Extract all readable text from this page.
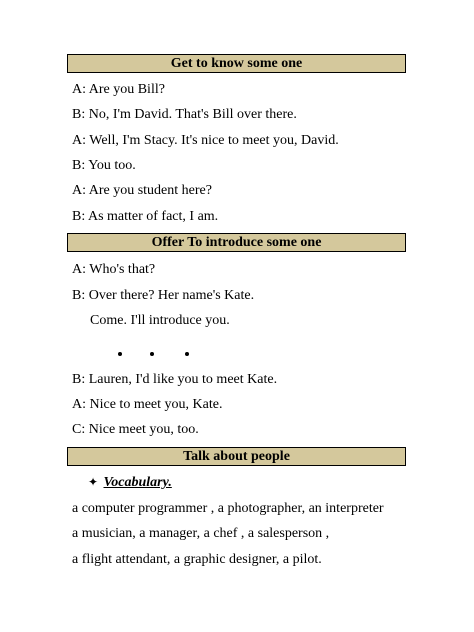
Get to know some one
A: Are you Bill?
B: No, I'm David. That's Bill over there.
A: Well, I'm Stacy. It's nice to meet you, David.
B: You too.
A: Are you student here?
B: As matter of fact, I am.
Offer To introduce some one
A: Who's that?
B: Over there? Her name's Kate.
Come. I'll introduce you.
B: Lauren, I'd like you to meet Kate.
A: Nice to meet you, Kate.
C: Nice meet you, too.
Talk about people
✦ Vocabulary.
a computer programmer , a photographer, an interpreter
a musician, a manager, a chef , a salesperson ,
a flight attendant, a graphic designer, a pilot.
